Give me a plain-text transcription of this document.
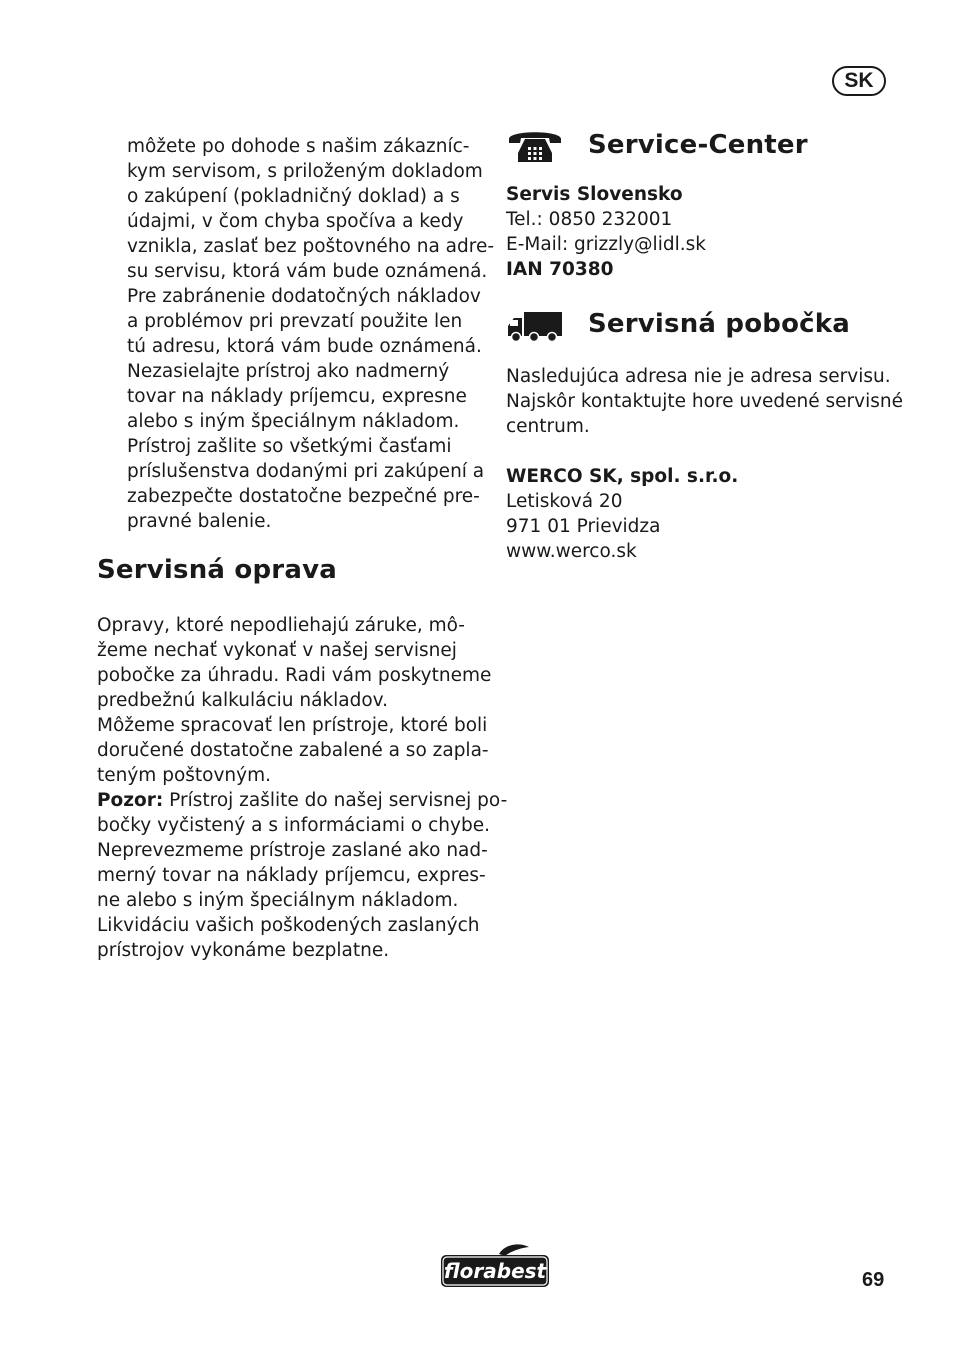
SK
môžete po dohode s našim zákazníc-
kym servisom, s priloženým dokladom
o zakúpení (pokladničný doklad) a s
údajmi, v čom chyba spočíva a kedy
vznikla, zaslať bez poštovného na adre-
su servisu, ktorá vám bude oznámená.
Pre zabránenie dodatočných nákladov
a problémov pri prevzatí použite len
tú adresu, ktorá vám bude oznámená.
Nezasielajte prístroj ako nadmerný
tovar na náklady príjemcu, expresne
alebo s iným špeciálnym nákladom.
Prístroj zašlite so všetkými časťami
príslušenstva dodanými pri zakúpení a
zabezpečte dostatočne bezpečné pre-
pravné balenie.
Servisná oprava
Opravy, ktoré nepodliehajú záruke, mô-
žeme nechať vykonať v našej servisnej
pobočke za úhradu. Radi vám poskytneme
predbežnú kalkuláciu nákladov.
Môžeme spracovať len prístroje, ktoré boli
doručené dostatočne zabalené a so zapla-
teným poštovným.
Pozor: Prístroj zašlite do našej servisnej po-
bočky vyčistený a s informáciami o chybe.
Neprevezmeme prístroje zaslané ako nad-
merný tovar na náklady príjemcu, expres-
ne alebo s iným špeciálnym nákladom.
Likvidáciu vašich poškodených zaslaných
prístrojov vykonáme bezplatne.
Service-Center
Servis Slovensko
Tel.: 0850 232001
E-Mail: grizzly@lidl.sk
IAN 70380
Servisná pobočka
Nasledujúca adresa nie je adresa servisu.
Najskôr kontaktujte hore uvedené servisné
centrum.
WERCO SK, spol. s.r.o.
Letisková 20
971 01 Prievidza
www.werco.sk
florabest	69
